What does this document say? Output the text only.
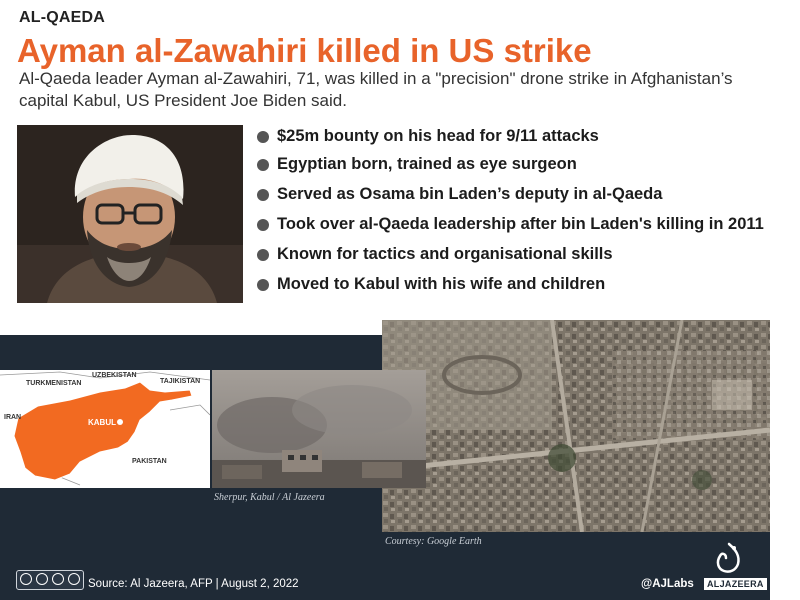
AL-QAEDA
Ayman al-Zawahiri killed in US strike
Al-Qaeda leader Ayman al-Zawahiri, 71, was killed in a "precision" drone strike in Afghanistan’s capital Kabul, US President Joe Biden said.
$25m bounty on his head for 9/11 attacks
Egyptian born, trained as eye surgeon
Served as Osama bin Laden’s deputy in al-Qaeda
Took over al-Qaeda leadership after bin Laden's killing in 2011
Known for tactics and organisational skills
Moved to Kabul with his wife and children
TURKMENISTAN
UZBEKISTAN
TAJIKISTAN
IRAN
PAKISTAN
KABUL
Sherpur, Kabul / Al Jazeera
Courtesy: Google Earth
Source: Al Jazeera, AFP | August 2, 2022	@AJLabs	ALJAZEERA
